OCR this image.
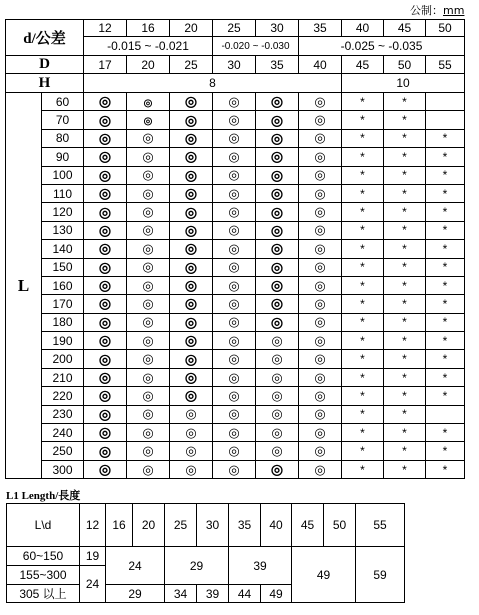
公制：mm
d/公差		12	16	20	25	30	35	40	45	50
		-0.015 ~ -0.021			-0.020 ~ -0.030		-0.025 ~ -0.035			
D		17	20	25	30	35	40	45	50	55
H		8						10		
L	60	◎	◎	◎	◎	◎	◎	*	*	
	70	◎	◎	◎	◎	◎	◎	*	*	
	80	◎	◎	◎	◎	◎	◎	*	*	*
	90	◎	◎	◎	◎	◎	◎	*	*	*
	100	◎	◎	◎	◎	◎	◎	*	*	*
	110	◎	◎	◎	◎	◎	◎	*	*	*
	120	◎	◎	◎	◎	◎	◎	*	*	*
	130	◎	◎	◎	◎	◎	◎	*	*	*
	140	◎	◎	◎	◎	◎	◎	*	*	*
	150	◎	◎	◎	◎	◎	◎	*	*	*
	160	◎	◎	◎	◎	◎	◎	*	*	*
	170	◎	◎	◎	◎	◎	◎	*	*	*
	180	◎	◎	◎	◎	◎	◎	*	*	*
	190	◎	◎	◎	◎	◎	◎	*	*	*
	200	◎	◎	◎	◎	◎	◎	*	*	*
	210	◎	◎	◎	◎	◎	◎	*	*	*
	220	◎	◎	◎	◎	◎	◎	*	*	*
	230	◎	◎	◎	◎	◎	◎	*	*	
	240	◎	◎	◎	◎	◎	◎	*	*	*
	250	◎	◎	◎	◎	◎	◎	*	*	*
	300	◎	◎	◎	◎	◎	◎	*	*	*
L1 Length/長度
L\d	12	16	20	25	30	35	40	45	50	55
60~150	19	24		29		39		49		59
155~300	24									
305 以上		29		34	39	44	49			
